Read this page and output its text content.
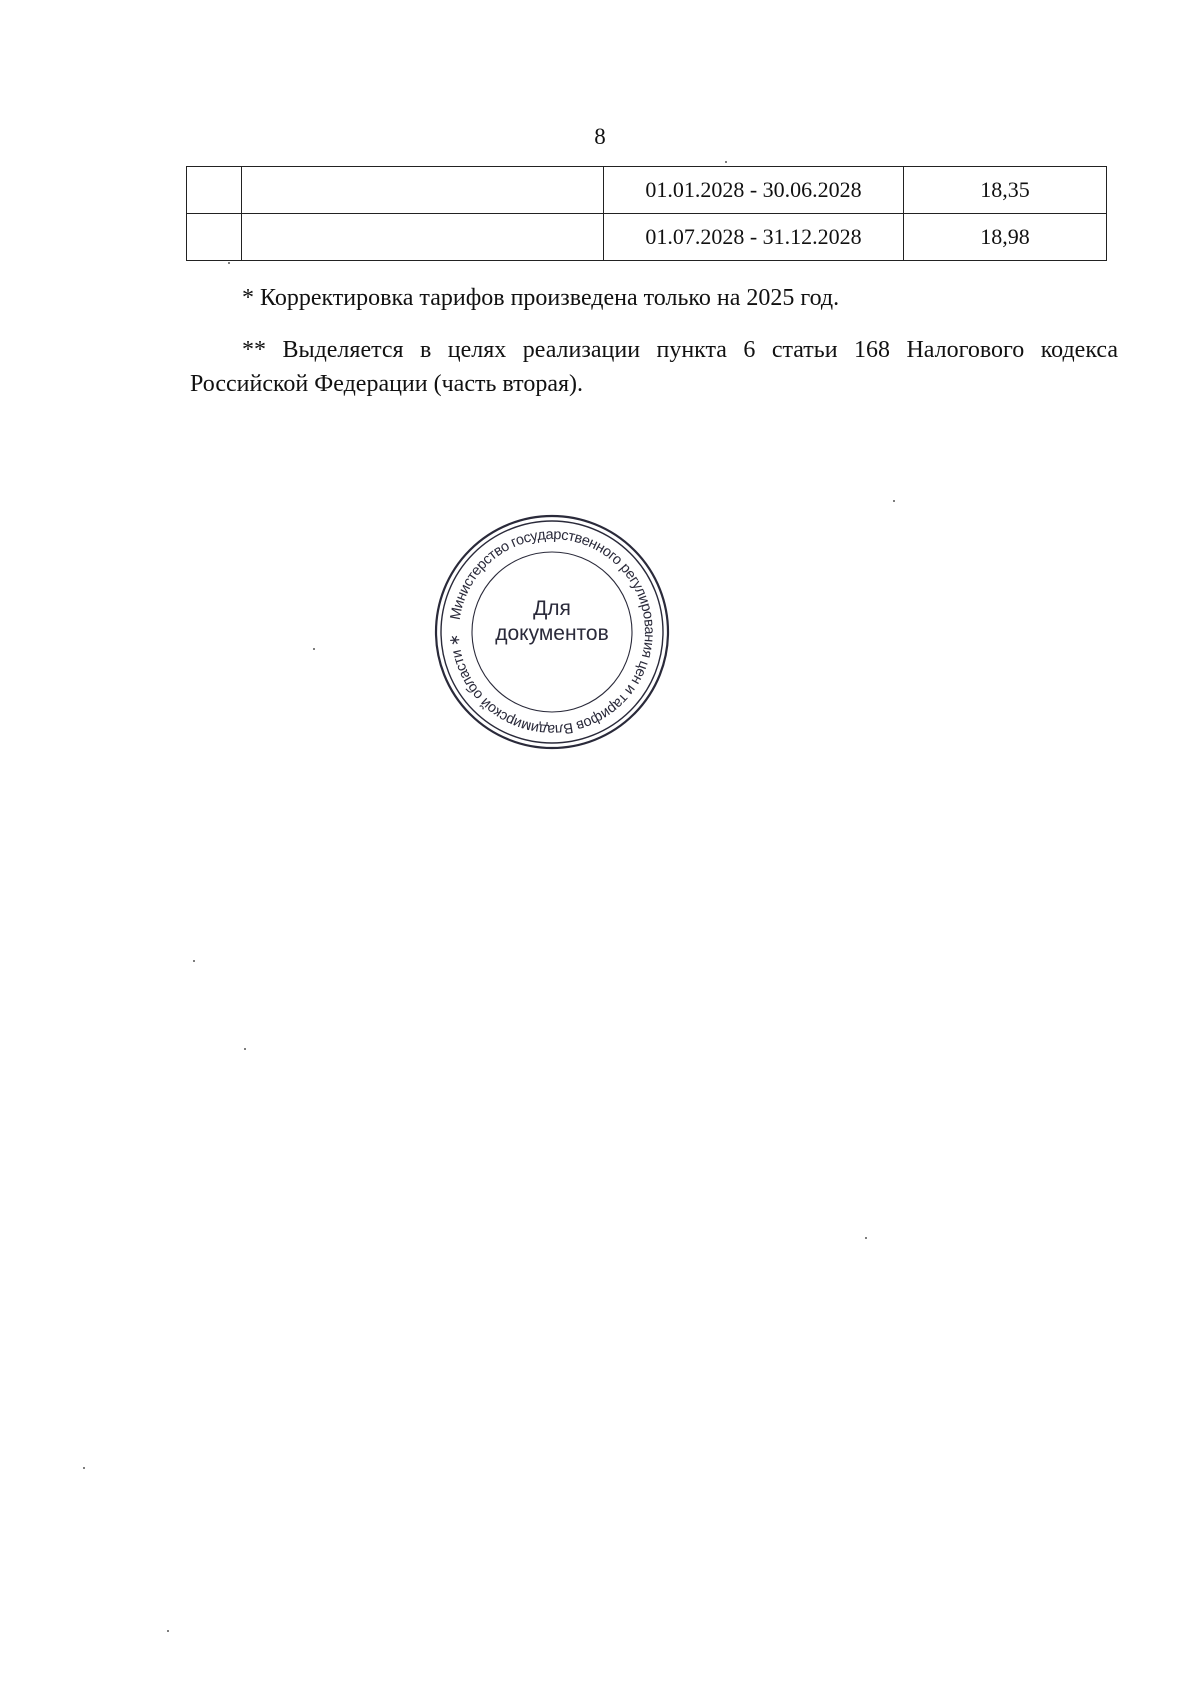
8
		01.01.2028 - 30.06.2028	18,35
		01.07.2028 - 31.12.2028	18,98

* Корректировка тарифов произведена только на 2025 год.

** Выделяется в целях реализации пункта 6 статьи 168 Налогового кодекса Российской Федерации (часть вторая).

Министерство государственного регулирования цен и тарифов Владимирской области ∗
Для
документов
